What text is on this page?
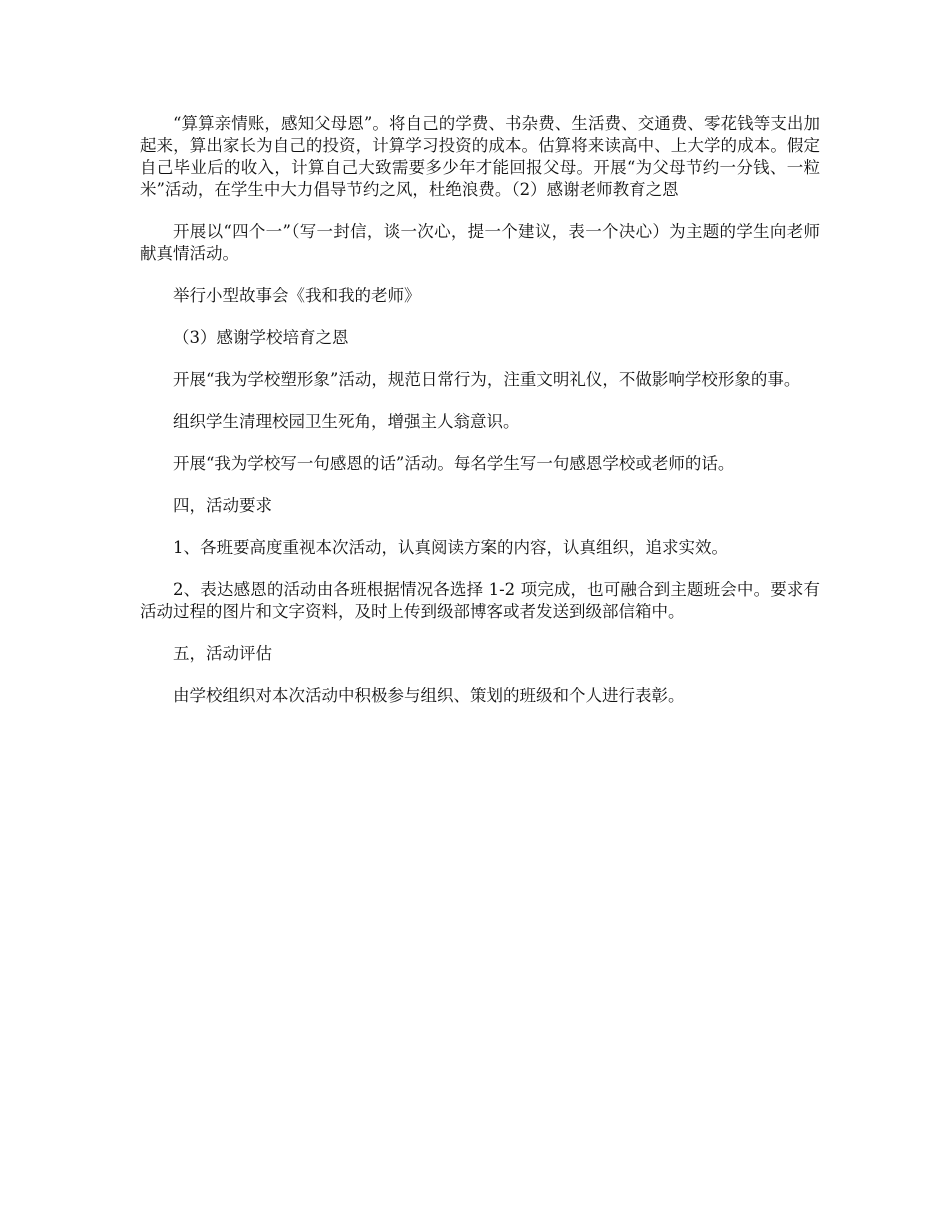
“算算亲情账，感知父母恩”。将自己的学费、书杂费、生活费、交通费、零花钱等支出加起来，算出家长为自己的投资，计算学习投资的成本。估算将来读高中、上大学的成本。假定自己毕业后的收入，计算自己大致需要多少年才能回报父母。开展“为父母节约一分钱、一粒米”活动，在学生中大力倡导节约之风，杜绝浪费。（2）感谢老师教育之恩

开展以“四个一”（写一封信，谈一次心，提一个建议，表一个决心）为主题的学生向老师献真情活动。

举行小型故事会《我和我的老师》

（3）感谢学校培育之恩

开展“我为学校塑形象”活动，规范日常行为，注重文明礼仪，不做影响学校形象的事。

组织学生清理校园卫生死角，增强主人翁意识。

开展“我为学校写一句感恩的话”活动。每名学生写一句感恩学校或老师的话。

四，活动要求

1、各班要高度重视本次活动，认真阅读方案的内容，认真组织，追求实效。

2、表达感恩的活动由各班根据情况各选择 1-2 项完成，也可融合到主题班会中。要求有活动过程的图片和文字资料，及时上传到级部博客或者发送到级部信箱中。

五，活动评估

由学校组织对本次活动中积极参与组织、策划的班级和个人进行表彰。
